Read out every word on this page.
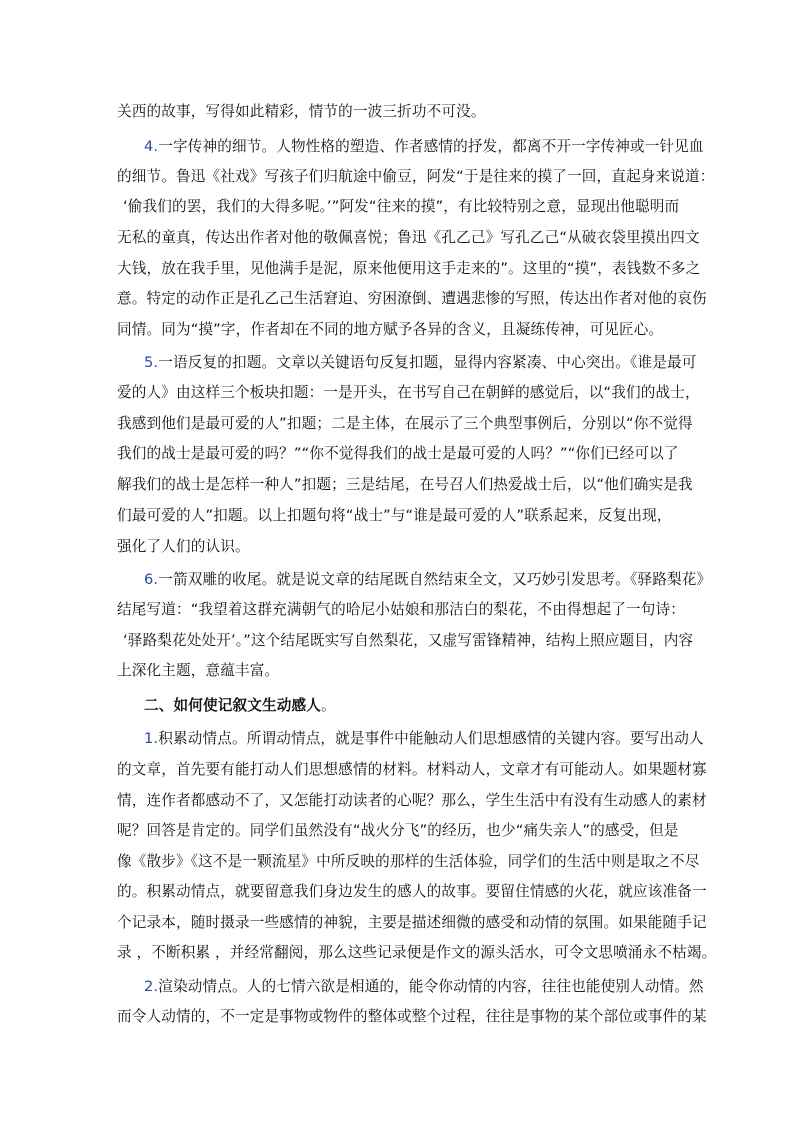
关西的故事，写得如此精彩，情节的一波三折功不可没。
4.一字传神的细节。人物性格的塑造、作者感情的抒发，都离不开一字传神或一针见血
的细节。鲁迅《社戏》写孩子们归航途中偷豆，阿发“于是往来的摸了一回，直起身来说道：
‘偷我们的罢，我们的大得多呢。’”阿发“往来的摸”，有比较特别之意，显现出他聪明而
无私的童真，传达出作者对他的敬佩喜悦；鲁迅《孔乙己》写孔乙己“从破衣袋里摸出四文
大钱，放在我手里，见他满手是泥，原来他便用这手走来的”。这里的“摸”，表钱数不多之
意。特定的动作正是孔乙己生活窘迫、穷困潦倒、遭遇悲惨的写照，传达出作者对他的哀伤
同情。同为“摸”字，作者却在不同的地方赋予各异的含义，且凝练传神，可见匠心。
5.一语反复的扣题。文章以关键语句反复扣题，显得内容紧凑、中心突出。《谁是最可
爱的人》由这样三个板块扣题：一是开头，在书写自己在朝鲜的感觉后，以“我们的战士，
我感到他们是最可爱的人”扣题；二是主体，在展示了三个典型事例后，分别以“你不觉得
我们的战士是最可爱的吗？”“你不觉得我们的战士是最可爱的人吗？”“你们已经可以了
解我们的战士是怎样一种人”扣题；三是结尾，在号召人们热爱战士后，以“他们确实是我
们最可爱的人”扣题。以上扣题句将“战士”与“谁是最可爱的人”联系起来，反复出现，
强化了人们的认识。
6.一箭双雕的收尾。就是说文章的结尾既自然结束全文，又巧妙引发思考。《驿路梨花》
结尾写道：“我望着这群充满朝气的哈尼小姑娘和那洁白的梨花，不由得想起了一句诗：
‘驿路梨花处处开’。”这个结尾既实写自然梨花，又虚写雷锋精神，结构上照应题目，内容
上深化主题，意蕴丰富。
二、如何使记叙文生动感人。
1.积累动情点。所谓动情点，就是事件中能触动人们思想感情的关键内容。要写出动人
的文章，首先要有能打动人们思想感情的材料。材料动人，文章才有可能动人。如果题材寡
情，连作者都感动不了，又怎能打动读者的心呢？那么，学生生活中有没有生动感人的素材
呢？回答是肯定的。同学们虽然没有“战火分飞”的经历，也少“痛失亲人”的感受，但是
像《散步》《这不是一颗流星》中所反映的那样的生活体验，同学们的生活中则是取之不尽
的。积累动情点，就要留意我们身边发生的感人的故事。要留住情感的火花，就应该准备一
个记录本，随时摄录一些感情的神貌，主要是描述细微的感受和动情的氛围。如果能随手记
录 ，不断积累 ，并经常翻阅，那么这些记录便是作文的源头活水，可令文思喷涌永不枯竭。
2.渲染动情点。人的七情六欲是相通的，能令你动情的内容，往往也能使别人动情。然
而令人动情的，不一定是事物或物件的整体或整个过程，往往是事物的某个部位或事件的某
